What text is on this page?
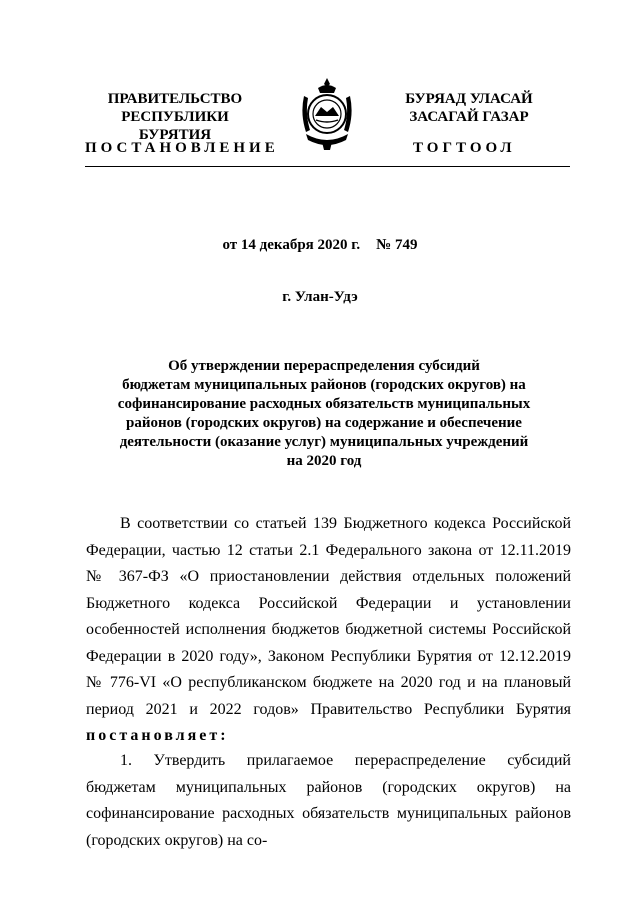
ПРАВИТЕЛЬСТВО
РЕСПУБЛИКИ БУРЯТИЯ
БУРЯАД УЛАСАЙ
ЗАСАГАЙ ГАЗАР
ПОСТАНОВЛЕНИЕ	ТОГТООЛ
от 14 декабря 2020 г. № 749
г. Улан-Удэ
Об утверждении перераспределения субсидий
бюджетам муниципальных районов (городских округов) на
софинансирование расходных обязательств муниципальных
районов (городских округов) на содержание и обеспечение
деятельности (оказание услуг) муниципальных учреждений
на 2020 год
В соответствии со статьей 139 Бюджетного кодекса Российской Федерации, частью 12 статьи 2.1 Федерального закона от 12.11.2019 № 367-ФЗ «О приостановлении действия отдельных положений Бюджетного кодекса Российской Федерации и установлении особенностей исполнения бюджетов бюджетной системы Российской Федерации в 2020 году», Законом Республики Бурятия от 12.12.2019 № 776-VI «О республиканском бюджете на 2020 год и на плановый период 2021 и 2022 годов» Правительство Республики Бурятия постановляет:
1. Утвердить прилагаемое перераспределение субсидий бюджетам муниципальных районов (городских округов) на софинансирование расходных обязательств муниципальных районов (городских округов) на со-
